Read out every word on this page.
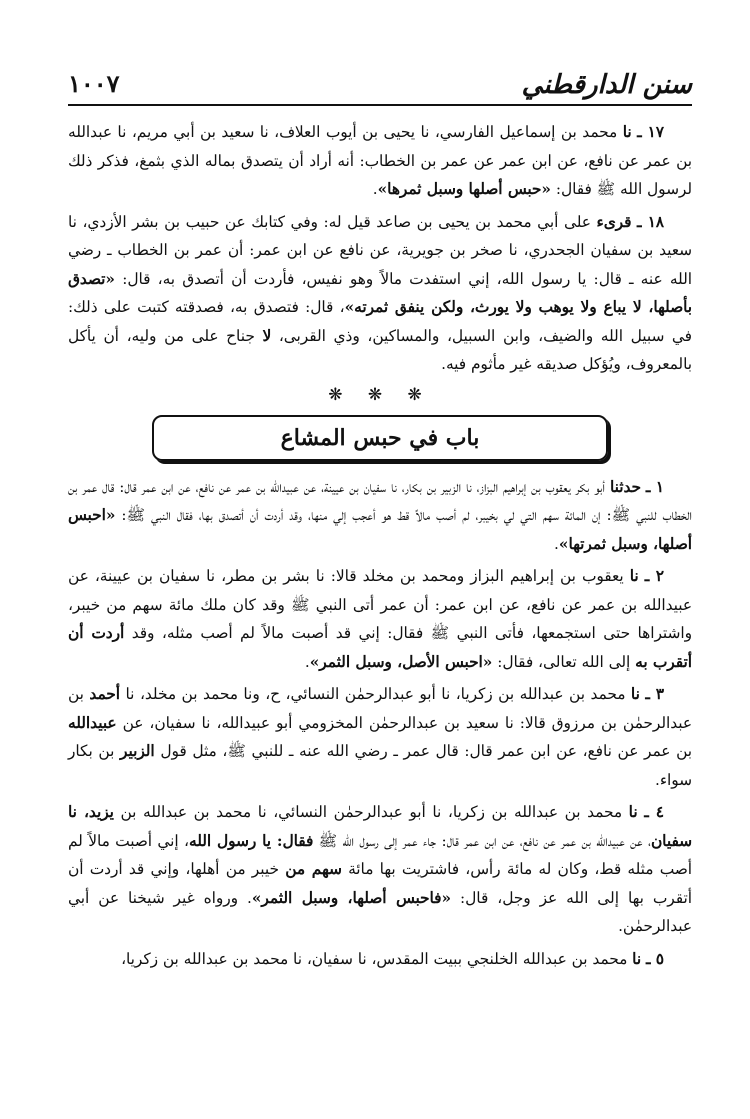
سنن الدارقطني
١٠٠٧

١٧ ـ نا محمد بن إسماعيل الفارسي، نا يحيى بن أيوب العلاف، نا سعيد بن أبي مريم، نا عبدالله بن عمر عن نافع، عن ابن عمر عن عمر بن الخطاب: أنه أراد أن يتصدق بماله الذي بثمغ، فذكر ذلك لرسول الله ﷺ فقال: «حبس أصلها وسبل ثمرها».

١٨ ـ قرىء على أبي محمد بن يحيى بن صاعد قيل له: وفي كتابك عن حبيب بن بشر الأزدي، نا سعيد بن سفيان الجحدري، نا صخر بن جويرية، عن نافع عن ابن عمر: أن عمر بن الخطاب ـ رضي الله عنه ـ قال: يا رسول الله، إني استفدت مالاً وهو نفيس، فأردت أن أتصدق به، قال: «تصدق بأصلها، لا يباع ولا يوهب ولا يورث، ولكن ينفق ثمرته»، قال: فتصدق به، فصدقته كتبت على ذلك: في سبيل الله والضيف، وابن السبيل، والمساكين، وذي القربى، لا جناح على من وليه، أن يأكل بالمعروف، ويُؤكل صديقه غير مأثوم فيه.

❋ ❋ ❋
باب في حبس المشاع

١ ـ حدثنا أبو بكر يعقوب بن إبراهيم البزاز، نا الزبير بن بكار، نا سفيان بن عيينة، عن عبيدالله بن عمر عن نافع، عن ابن عمر قال: قال عمر بن الخطاب للنبي ﷺ: إن المائة سهم التي لي بخيبر، لم أصب مالاً قط هو أعجب إلي منها، وقد أردت أن أتصدق بها، فقال النبي ﷺ: «احبس أصلها، وسبل ثمرتها».

٢ ـ نا يعقوب بن إبراهيم البزاز ومحمد بن مخلد قالا: نا بشر بن مطر، نا سفيان بن عيينة، عن عبيدالله بن عمر عن نافع، عن ابن عمر: أن عمر أتى النبي ﷺ وقد كان ملك مائة سهم من خيبر، واشتراها حتى استجمعها، فأتى النبي ﷺ فقال: إني قد أصبت مالاً لم أصب مثله، وقد أردت أن أتقرب به إلى الله تعالى، فقال: «احبس الأصل، وسبل الثمر».

٣ ـ نا محمد بن عبدالله بن زكريا، نا أبو عبدالرحمٰن النسائي، ح، ونا محمد بن مخلد، نا أحمد بن عبدالرحمٰن بن مرزوق قالا: نا سعيد بن عبدالرحمٰن المخزومي أبو عبيدالله، نا سفيان، عن عبيدالله بن عمر عن نافع، عن ابن عمر قال: قال عمر ـ رضي الله عنه ـ للنبي ﷺ، مثل قول الزبير بن بكار سواء.

٤ ـ نا محمد بن عبدالله بن زكريا، نا أبو عبدالرحمٰن النسائي، نا محمد بن عبدالله بن يزيد، نا سفيان، عن عبيدالله بن عمر عن نافع، عن ابن عمر قال: جاء عمر إلى رسول الله ﷺ فقال: يا رسول الله، إني أصبت مالاً لم أصب مثله قط، وكان له مائة رأس، فاشتريت بها مائة سهم من خيبر من أهلها، وإني قد أردت أن أتقرب بها إلى الله عز وجل، قال: «فاحبس أصلها، وسبل الثمر». ورواه غير شيخنا عن أبي عبدالرحمٰن.

٥ ـ نا محمد بن عبدالله الخلنجي ببيت المقدس، نا سفيان، نا محمد بن عبدالله بن زكريا،
